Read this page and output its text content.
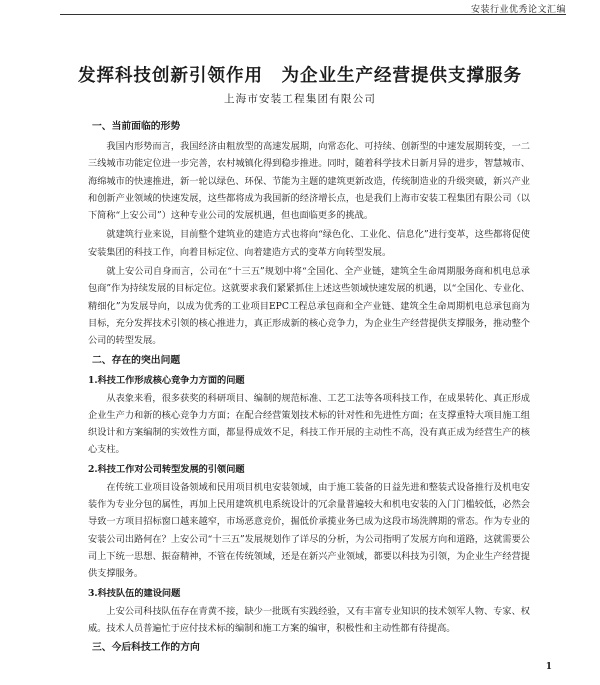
安装行业优秀论文汇编
发挥科技创新引领作用　为企业生产经营提供支撑服务
上海市安装工程集团有限公司
一、当前面临的形势

我国内形势而言，我国经济由粗放型的高速发展期，向常态化、可持续、创新型的中速发展期转变，一二三线城市功能定位进一步完善，农村城镇化得到稳步推进。同时，随着科学技术日新月异的进步，智慧城市、海绵城市的快速推进，新一轮以绿色、环保、节能为主题的建筑更新改造，传统制造业的升级突破，新兴产业和创新产业领域的快速发展，这些都将成为我国新的经济增长点，也是我们上海市安装工程集团有限公司（以下简称“上安公司”）这种专业公司的发展机遇，但也面临更多的挑战。

就建筑行业来说，目前整个建筑业的建造方式也将向“绿色化、工业化、信息化”进行变革，这些都将促使安装集团的科技工作，向着目标定位、向着建造方式的变革方向转型发展。

就上安公司自身而言，公司在“十三五”规划中将“全国化、全产业链，建筑全生命周期服务商和机电总承包商”作为持续发展的目标定位。这就要求我们紧紧抓住上述这些领域快速发展的机遇，以“全国化、专业化、精细化”为发展导向，以成为优秀的工业项目EPC工程总承包商和全产业链、建筑全生命周期机电总承包商为目标，充分发挥技术引领的核心推进力，真正形成新的核心竞争力，为企业生产经营提供支撑服务，推动整个公司的转型发展。

二、存在的突出问题
1.科技工作形成核心竞争力方面的问题

从表象来看，很多获奖的科研项目、编制的规范标准、工艺工法等各项科技工作，在成果转化、真正形成企业生产力和新的核心竞争力方面；在配合经营策划技术标的针对性和先进性方面；在支撑重特大项目施工组织设计和方案编制的实效性方面，都显得成效不足，科技工作开展的主动性不高，没有真正成为经营生产的核心支柱。

2.科技工作对公司转型发展的引领问题

在传统工业项目设备领域和民用项目机电安装领域，由于施工装备的日益先进和整装式设备推行及机电安装作为专业分包的属性，再加上民用建筑机电系统设计的冗余量普遍较大和机电安装的入门门槛较低，必然会导致一方项目招标窗口越来越窄，市场恶意竞价，掘低价承揽业务已成为这段市场洗牌期的常态。作为专业的安装公司出路何在？上安公司“十三五”发展规划作了详尽的分析，为公司指明了发展方向和道路，这就需要公司上下统一思想、振奋精神，不管在传统领域，还是在新兴产业领域，都要以科技为引领，为企业生产经营提供支撑服务。

3.科技队伍的建设问题

上安公司科技队伍存在青黄不接，缺少一批既有实践经验，又有丰富专业知识的技术领军人物、专家、权威。技术人员普遍忙于应付技术标的编制和施工方案的编审，积极性和主动性都有待提高。

三、今后科技工作的方向
1
